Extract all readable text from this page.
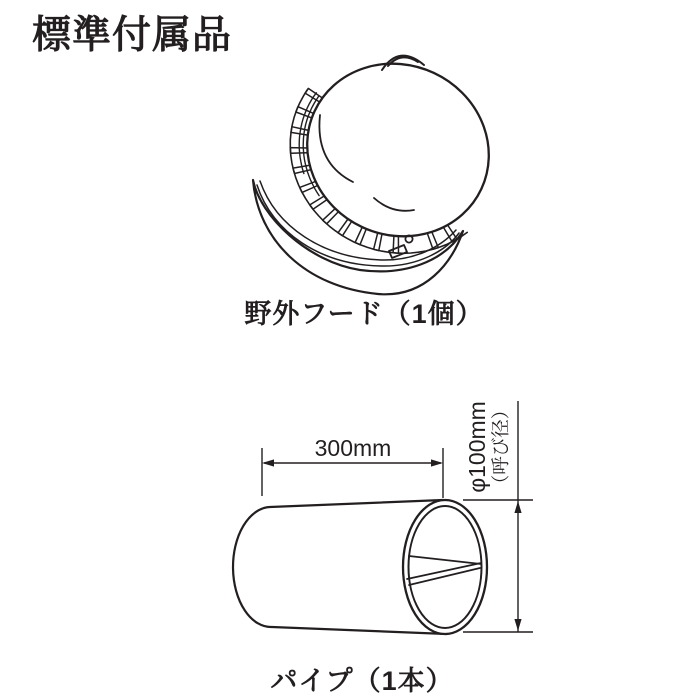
標準付属品
野外フード（1個）
300mm	φ100mm （呼び径）
パイプ（1本）
